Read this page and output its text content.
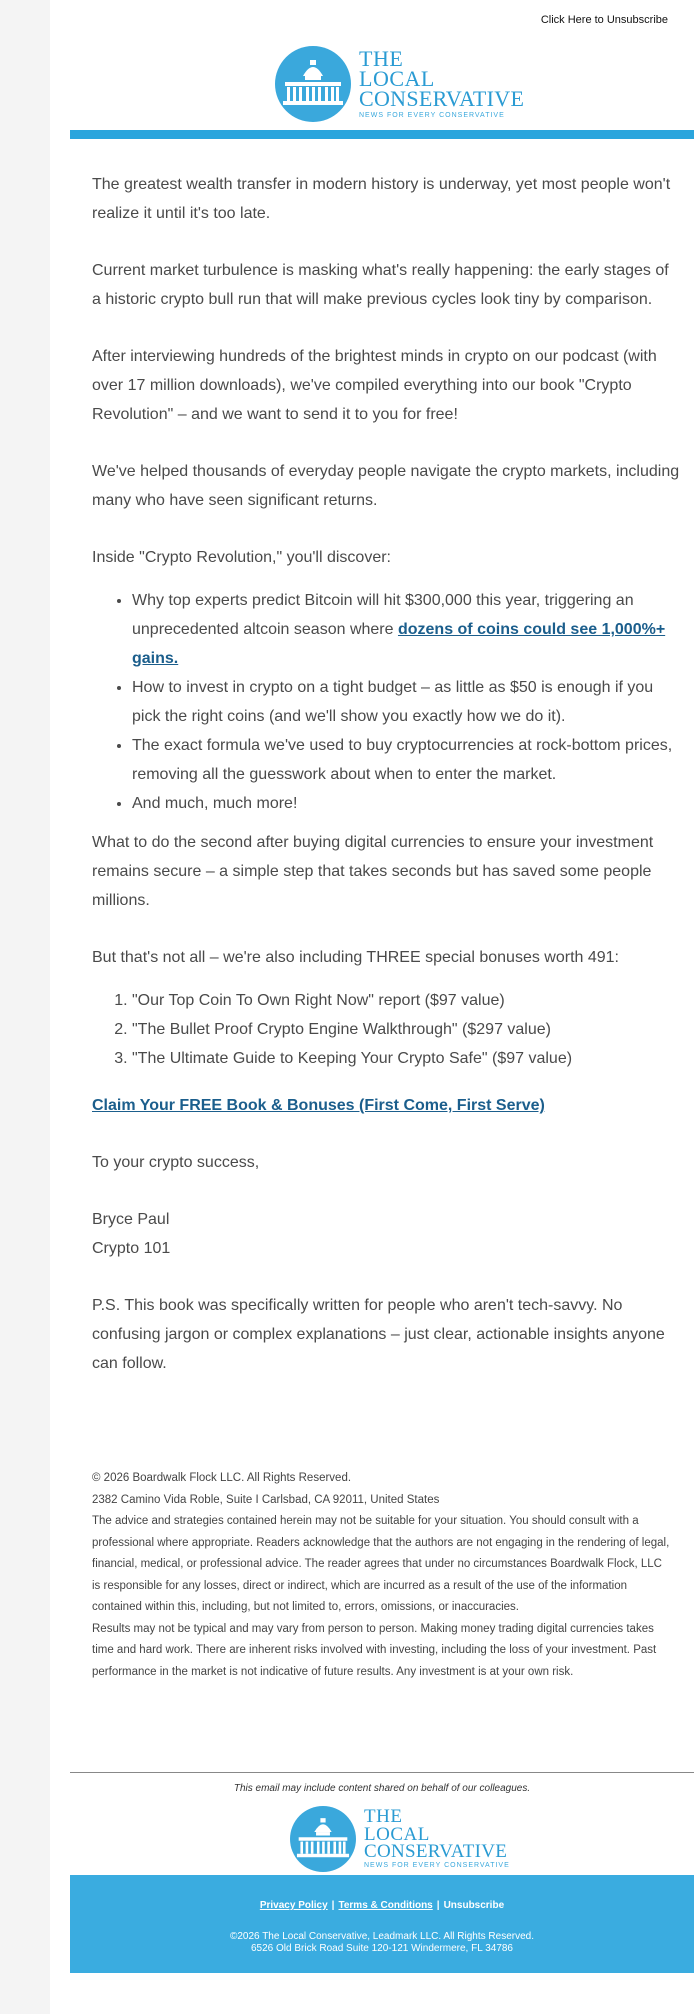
Click Here to Unsubscribe
THE
LOCAL
CONSERVATIVE
NEWS FOR EVERY CONSERVATIVE

The greatest wealth transfer in modern history is underway, yet most people won't realize it until it's too late.

Current market turbulence is masking what's really happening: the early stages of a historic crypto bull run that will make previous cycles look tiny by comparison.

After interviewing hundreds of the brightest minds in crypto on our podcast (with over 17 million downloads), we've compiled everything into our book "Crypto Revolution" – and we want to send it to you for free!

We've helped thousands of everyday people navigate the crypto markets, including many who have seen significant returns.

Inside "Crypto Revolution," you'll discover:

• Why top experts predict Bitcoin will hit $300,000 this year, triggering an unprecedented altcoin season where dozens of coins could see 1,000%+ gains.
• How to invest in crypto on a tight budget – as little as $50 is enough if you pick the right coins (and we'll show you exactly how we do it).
• The exact formula we've used to buy cryptocurrencies at rock-bottom prices, removing all the guesswork about when to enter the market.
• And much, much more!

What to do the second after buying digital currencies to ensure your investment remains secure – a simple step that takes seconds but has saved some people millions.

But that's not all – we're also including THREE special bonuses worth 491:

1. "Our Top Coin To Own Right Now" report ($97 value)
2. "The Bullet Proof Crypto Engine Walkthrough" ($297 value)
3. "The Ultimate Guide to Keeping Your Crypto Safe" ($97 value)

Claim Your FREE Book & Bonuses (First Come, First Serve)

To your crypto success,

Bryce Paul

Crypto 101

P.S. This book was specifically written for people who aren't tech-savvy. No confusing jargon or complex explanations – just clear, actionable insights anyone can follow.

© 2026 Boardwalk Flock LLC. All Rights Reserved.
2382 Camino Vida Roble, Suite I Carlsbad, CA 92011, United States
The advice and strategies contained herein may not be suitable for your situation. You should consult with a professional where appropriate. Readers acknowledge that the authors are not engaging in the rendering of legal, financial, medical, or professional advice. The reader agrees that under no circumstances Boardwalk Flock, LLC is responsible for any losses, direct or indirect, which are incurred as a result of the use of the information contained within this, including, but not limited to, errors, omissions, or inaccuracies.
Results may not be typical and may vary from person to person. Making money trading digital currencies takes time and hard work. There are inherent risks involved with investing, including the loss of your investment. Past performance in the market is not indicative of future results. Any investment is at your own risk.
This email may include content shared on behalf of our colleagues.
THE
LOCAL
CONSERVATIVE
NEWS FOR EVERY CONSERVATIVE
Privacy Policy | Terms & Conditions | Unsubscribe
©2026 The Local Conservative, Leadmark LLC. All Rights Reserved.
6526 Old Brick Road Suite 120-121 Windermere, FL 34786
